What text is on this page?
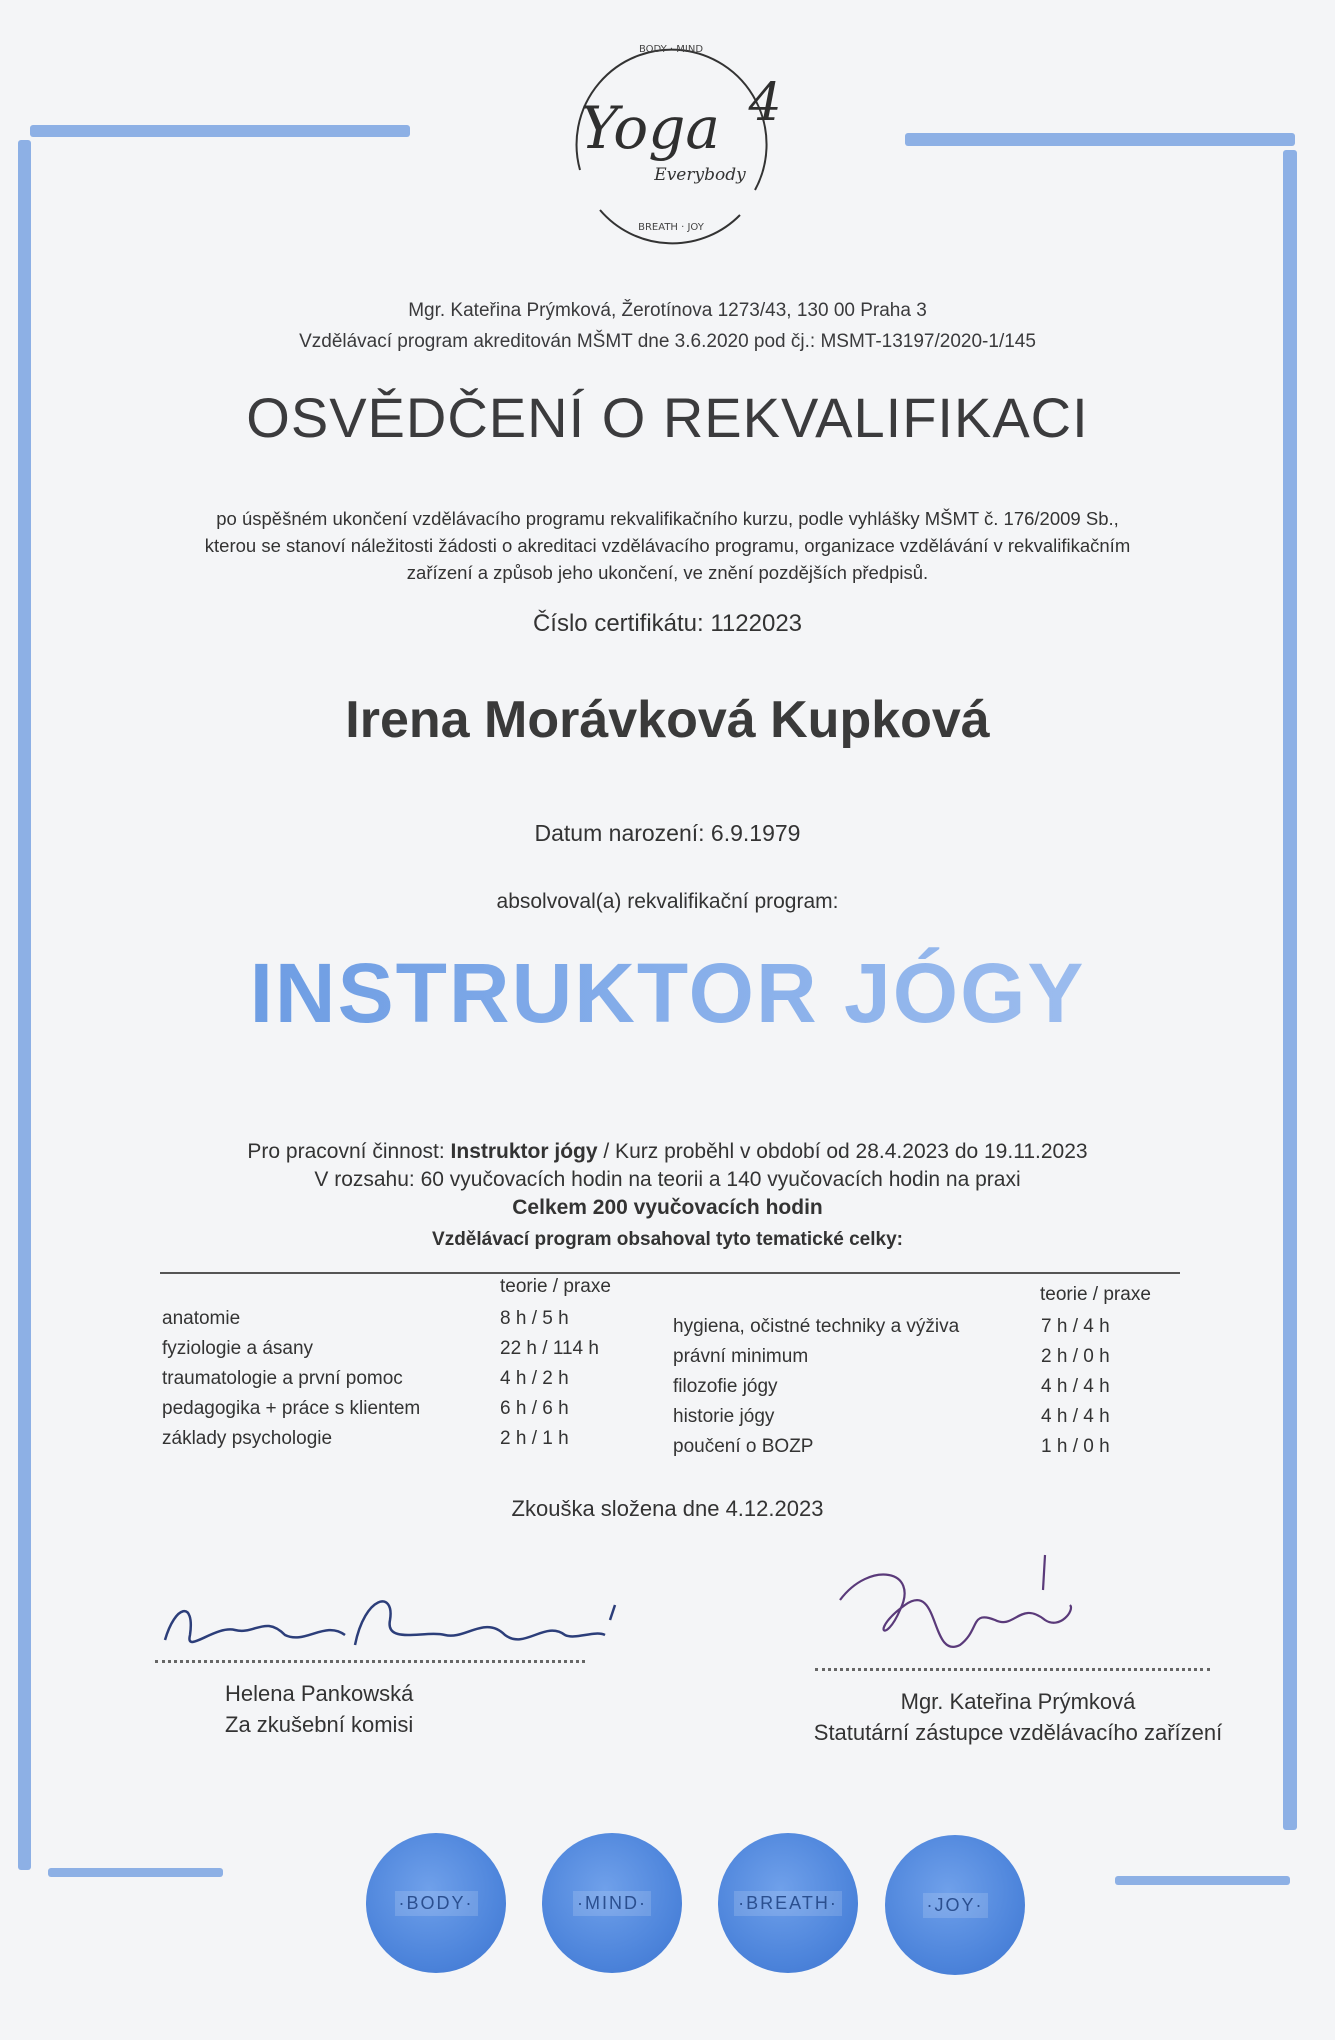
BODY · MIND
Yoga 4
Everybody
BREATH · JOY
Mgr. Kateřina Prýmková, Žerotínova 1273/43, 130 00 Praha 3
Vzdělávací program akreditován MŠMT dne 3.6.2020 pod čj.: MSMT-13197/2020-1/145
OSVĚDČENÍ O REKVALIFIKACI
po úspěšném ukončení vzdělávacího programu rekvalifikačního kurzu, podle vyhlášky MŠMT č. 176/2009 Sb.,
kterou se stanoví náležitosti žádosti o akreditaci vzdělávacího programu, organizace vzdělávání v rekvalifikačním
zařízení a způsob jeho ukončení, ve znění pozdějších předpisů.
Číslo certifikátu: 1122023
Irena Morávková Kupková
Datum narození: 6.9.1979
absolvoval(a) rekvalifikační program:
INSTRUKTOR JÓGY
Pro pracovní činnost: Instruktor jógy / Kurz proběhl v období od 28.4.2023 do 19.11.2023
V rozsahu: 60 vyučovacích hodin na teorii a 140 vyučovacích hodin na praxi
Celkem 200 vyučovacích hodin
Vzdělávací program obsahoval tyto tematické celky:
teorie / praxe
anatomie	8 h / 5 h
fyziologie a ásany	22 h / 114 h
traumatologie a první pomoc	4 h / 2 h
pedagogika + práce s klientem	6 h / 6 h
základy psychologie	2 h / 1 h
teorie / praxe
hygiena, očistné techniky a výživa	7 h / 4 h
právní minimum	2 h / 0 h
filozofie jógy	4 h / 4 h
historie jógy	4 h / 4 h
poučení o BOZP	1 h / 0 h
Zkouška složena dne 4.12.2023
Helena Pankowská
Za zkušební komisi
Mgr. Kateřina Prýmková
Statutární zástupce vzdělávacího zařízení
·BODY·	·MIND·	·BREATH·	·JOY·
